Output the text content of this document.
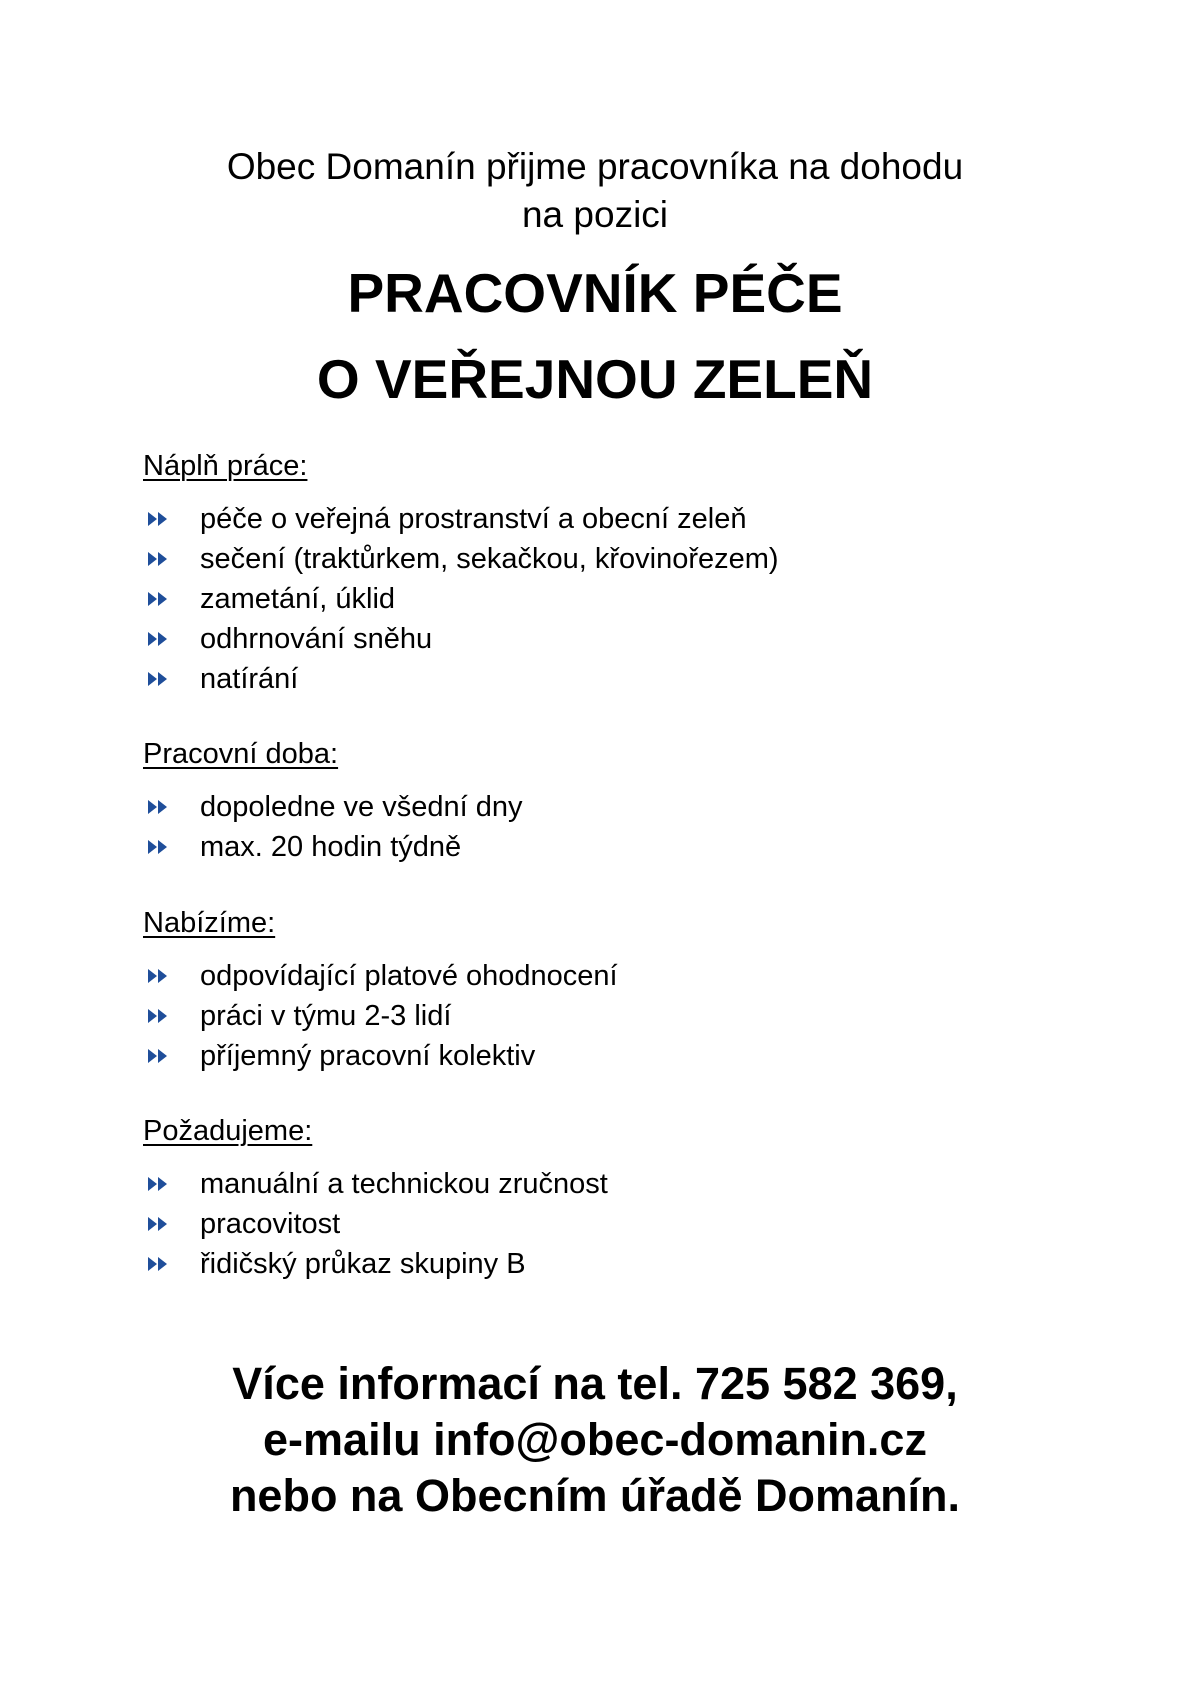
Obec Domanín přijme pracovníka na dohodu
na pozici
PRACOVNÍK PÉČE
O VEŘEJNOU ZELEŇ
Náplň práce:
péče o veřejná prostranství a obecní zeleň
sečení (traktůrkem, sekačkou, křovinořezem)
zametání, úklid
odhrnování sněhu
natírání
Pracovní doba:
dopoledne ve všední dny
max. 20 hodin týdně
Nabízíme:
odpovídající platové ohodnocení
práci v týmu 2-3 lidí
příjemný pracovní kolektiv
Požadujeme:
manuální a technickou zručnost
pracovitost
řidičský průkaz skupiny B
Více informací na tel. 725 582 369,
e-mailu info@obec-domanin.cz
nebo na Obecním úřadě Domanín.
